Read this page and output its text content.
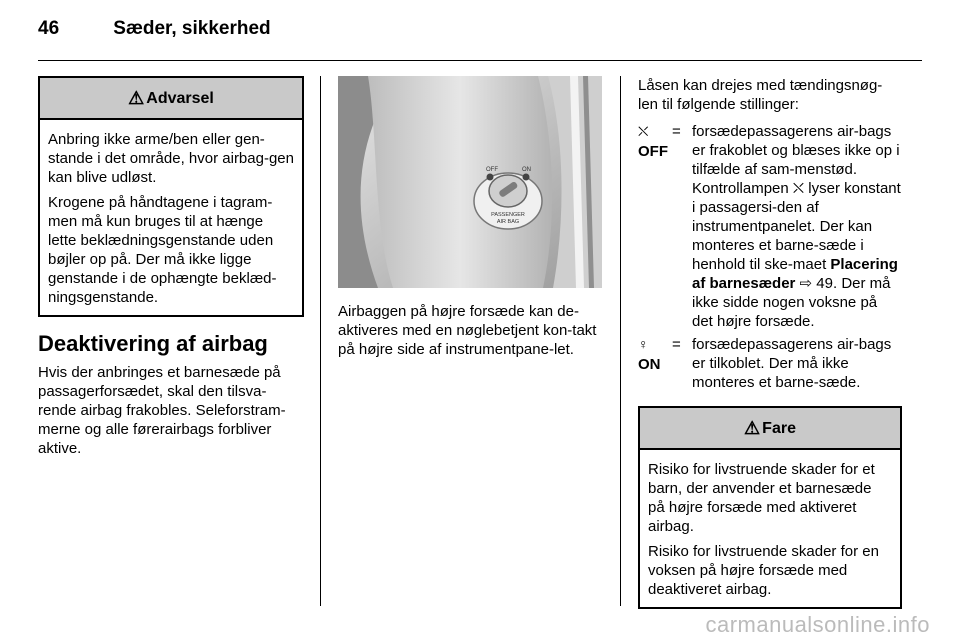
46	Sæder, sikkerhed
⚠ Advarsel

Anbring ikke arme/ben eller gen-stande i det område, hvor airbag-gen kan blive udløst.

Krogene på håndtagene i tagram-men må kun bruges til at hænge lette beklædningsgenstande uden bøjler op på. Der må ikke ligge genstande i de ophængte beklæd-ningsgenstande.

Deaktivering af airbag

Hvis der anbringes et barnesæde på passagerforsædet, skal den tilsva-rende airbag frakobles. Seleforstram-merne og alle førerairbags forbliver aktive.

OFF	ON
PASSENGER
AIR BAG

Airbaggen på højre forsæde kan de-aktiveres med en nøglebetjent kon-takt på højre side af instrumentpane-let.

Låsen kan drejes med tændingsnøg-len til følgende stillinger:

⛌
OFF
= forsædepassagerens air-bags er frakoblet og blæses ikke op i tilfælde af sam-menstød. Kontrollampen ⛌ lyser konstant i passagersi-den af instrumentpanelet. Der kan monteres et barne-sæde i henhold til ske-maet Placering af barnesæder ⇨ 49. Der må ikke sidde nogen voksne på det højre forsæde.
♀
ON
= forsædepassagerens air-bags er tilkoblet. Der må ikke monteres et barne-sæde.
⚠ Fare

Risiko for livstruende skader for et barn, der anvender et barnesæde på højre forsæde med aktiveret airbag.

Risiko for livstruende skader for en voksen på højre forsæde med deaktiveret airbag.

carmanualsonline.info
